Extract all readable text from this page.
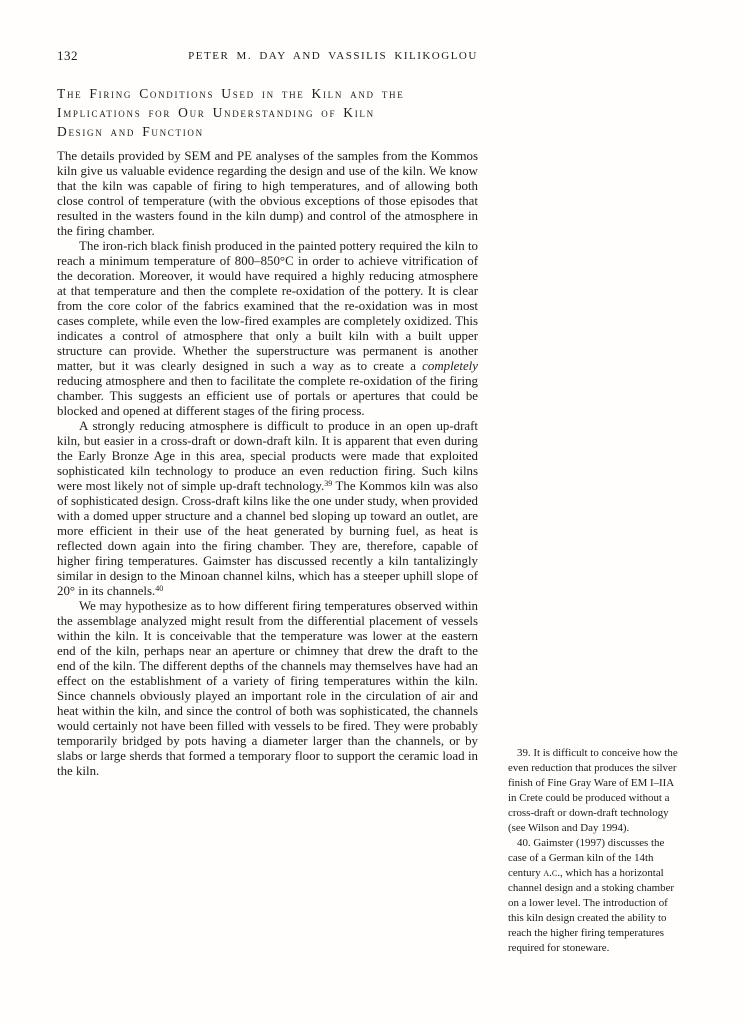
132	PETER M. DAY AND VASSILIS KILIKOGLOU
The Firing Conditions Used in the Kiln and the
Implications for Our Understanding of Kiln
Design and Function

The details provided by SEM and PE analyses of the samples from the Kommos kiln give us valuable evidence regarding the design and use of the kiln. We know that the kiln was capable of firing to high temperatures, and of allowing both close control of temperature (with the obvious exceptions of those episodes that resulted in the wasters found in the kiln dump) and control of the atmosphere in the firing chamber.

The iron-rich black finish produced in the painted pottery required the kiln to reach a minimum temperature of 800–850°C in order to achieve vitrification of the decoration. Moreover, it would have required a highly reducing atmosphere at that temperature and then the complete re-oxidation of the pottery. It is clear from the core color of the fabrics examined that the re-oxidation was in most cases complete, while even the low-fired examples are completely oxidized. This indicates a control of atmosphere that only a built kiln with a built upper structure can provide. Whether the superstructure was permanent is another matter, but it was clearly designed in such a way as to create a completely reducing atmosphere and then to facilitate the complete re-oxidation of the firing chamber. This suggests an efficient use of portals or apertures that could be blocked and opened at different stages of the firing process.

A strongly reducing atmosphere is difficult to produce in an open up-draft kiln, but easier in a cross-draft or down-draft kiln. It is apparent that even during the Early Bronze Age in this area, special products were made that exploited sophisticated kiln technology to produce an even reduction firing. Such kilns were most likely not of simple up-draft technology.$^{39}$ The Kommos kiln was also of sophisticated design. Cross-draft kilns like the one under study, when provided with a domed upper structure and a channel bed sloping up toward an outlet, are more efficient in their use of the heat generated by burning fuel, as heat is reflected down again into the firing chamber. They are, therefore, capable of higher firing temperatures. Gaimster has discussed recently a kiln tantalizingly similar in design to the Minoan channel kilns, which has a steeper uphill slope of 20° in its channels.$^{40}$

We may hypothesize as to how different firing temperatures observed within the assemblage analyzed might result from the differential placement of vessels within the kiln. It is conceivable that the temperature was lower at the eastern end of the kiln, perhaps near an aperture or chimney that drew the draft to the end of the kiln. The different depths of the channels may themselves have had an effect on the establishment of a variety of firing temperatures within the kiln. Since channels obviously played an important role in the circulation of air and heat within the kiln, and since the control of both was sophisticated, the channels would certainly not have been filled with vessels to be fired. They were probably temporarily bridged by pots having a diameter larger than the channels, or by slabs or large sherds that formed a temporary floor to support the ceramic load in the kiln.

39. It is difficult to conceive how the even reduction that produces the silver finish of Fine Gray Ware of EM I–IIA in Crete could be produced without a cross-draft or down-draft technology (see Wilson and Day 1994).

40. Gaimster (1997) discusses the case of a German kiln of the 14th century a.c., which has a horizontal channel design and a stoking chamber on a lower level. The introduction of this kiln design created the ability to reach the higher firing temperatures required for stoneware.
